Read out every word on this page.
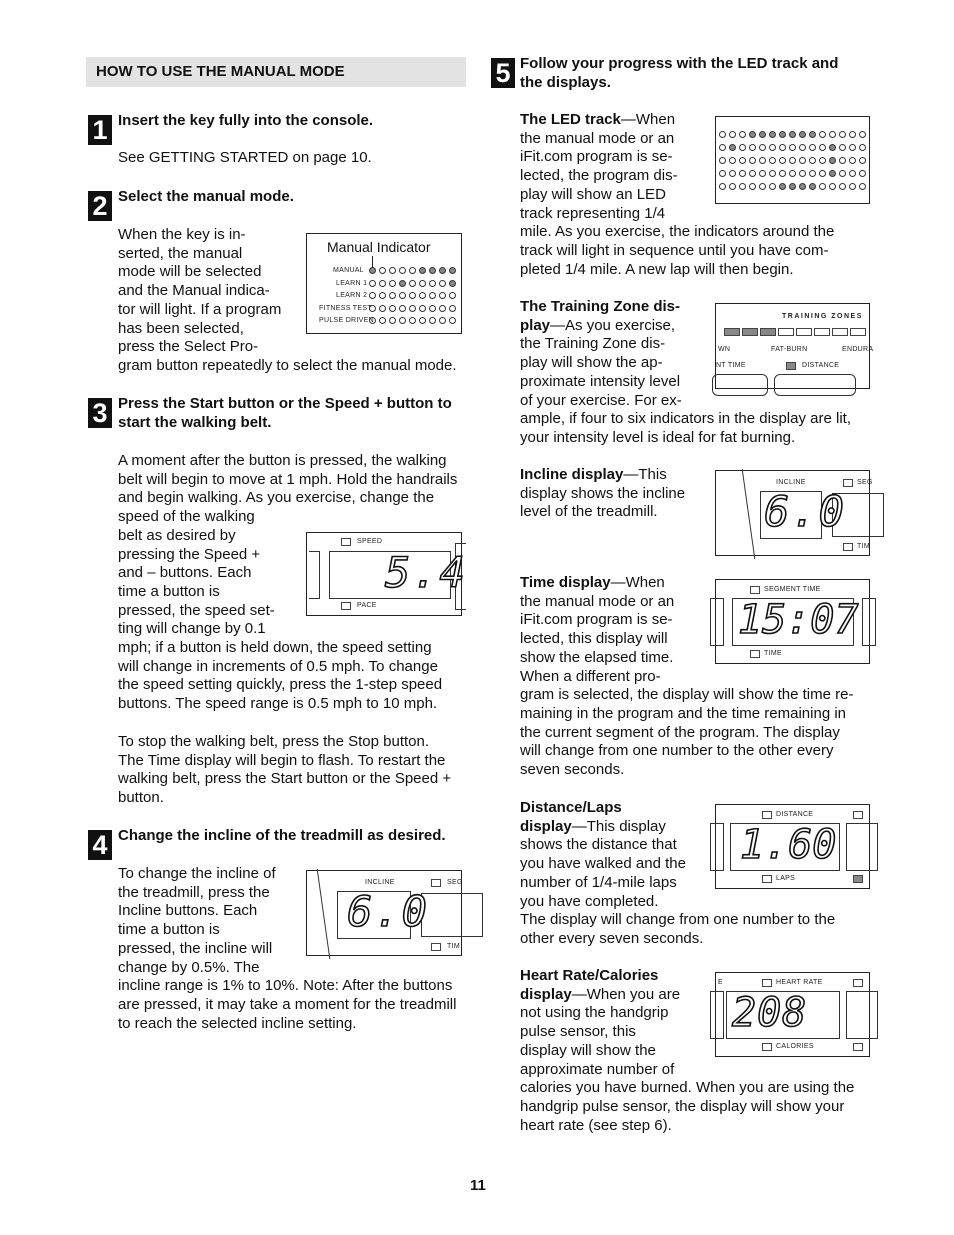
HOW TO USE THE MANUAL MODE
1 Insert the key fully into the console.

See GETTING STARTED on page 10.

2 Select the manual mode.

When the key is in-

serted, the manual

mode will be selected

and the Manual indica-

tor will light. If a program

has been selected,

press the Select Pro-

gram button repeatedly to select the manual mode.

Manual Indicator
MANUAL
LEARN 1
LEARN 2
FITNESS TEST
PULSE DRIVEN
3 Press the Start button or the Speed + button to

start the walking belt.

A moment after the button is pressed, the walking

belt will begin to move at 1 mph. Hold the handrails

and begin walking. As you exercise, change the

speed of the walking

belt as desired by

pressing the Speed +

and – buttons. Each

time a button is

pressed, the speed set-

ting will change by 0.1

mph; if a button is held down, the speed setting

will change in increments of 0.5 mph. To change

the speed setting quickly, press the 1-step speed

buttons. The speed range is 0.5 mph to 10 mph.

To stop the walking belt, press the Stop button.

The Time display will begin to flash. To restart the

walking belt, press the Start button or the Speed +

button.

SPEED
5.4
PACE
4 Change the incline of the treadmill as desired.

To change the incline of

the treadmill, press the

Incline buttons. Each

time a button is

pressed, the incline will

change by 0.5%. The

incline range is 1% to 10%. Note: After the buttons

are pressed, it may take a moment for the treadmill

to reach the selected incline setting.

INCLINE	SEG
6.0
TIM
5 Follow your progress with the LED track and

the displays.

The LED track—When

the manual mode or an

iFit.com program is se-

lected, the program dis-

play will show an LED

track representing 1/4

mile. As you exercise, the indicators around the

track will light in sequence until you have com-

pleted 1/4 mile. A new lap will then begin.

The Training Zone dis-

play—As you exercise,

the Training Zone dis-

play will show the ap-

proximate intensity level

of your exercise. For ex-

ample, if four to six indicators in the display are lit,

your intensity level is ideal for fat burning.

TRAINING ZONES
WN	FAT-BURN	ENDURA
NT TIME	DISTANCE

Incline display—This

display shows the incline

level of the treadmill.

INCLINE	SEG
6.0
TIM

Time display—When

the manual mode or an

iFit.com program is se-

lected, this display will

show the elapsed time.

When a different pro-

gram is selected, the display will show the time re-

maining in the program and the time remaining in

the current segment of the program. The display

will change from one number to the other every

seven seconds.

SEGMENT TIME
15:07
TIME

Distance/Laps

display—This display

shows the distance that

you have walked and the

number of 1/4-mile laps

you have completed.

The display will change from one number to the

other every seven seconds.

DISTANCE
1.60
LAPS

Heart Rate/Calories

display—When you are

not using the handgrip

pulse sensor, this

display will show the

approximate number of

calories you have burned. When you are using the

handgrip pulse sensor, the display will show your

heart rate (see step 6).

E	HEART RATE
208
CALORIES
11
